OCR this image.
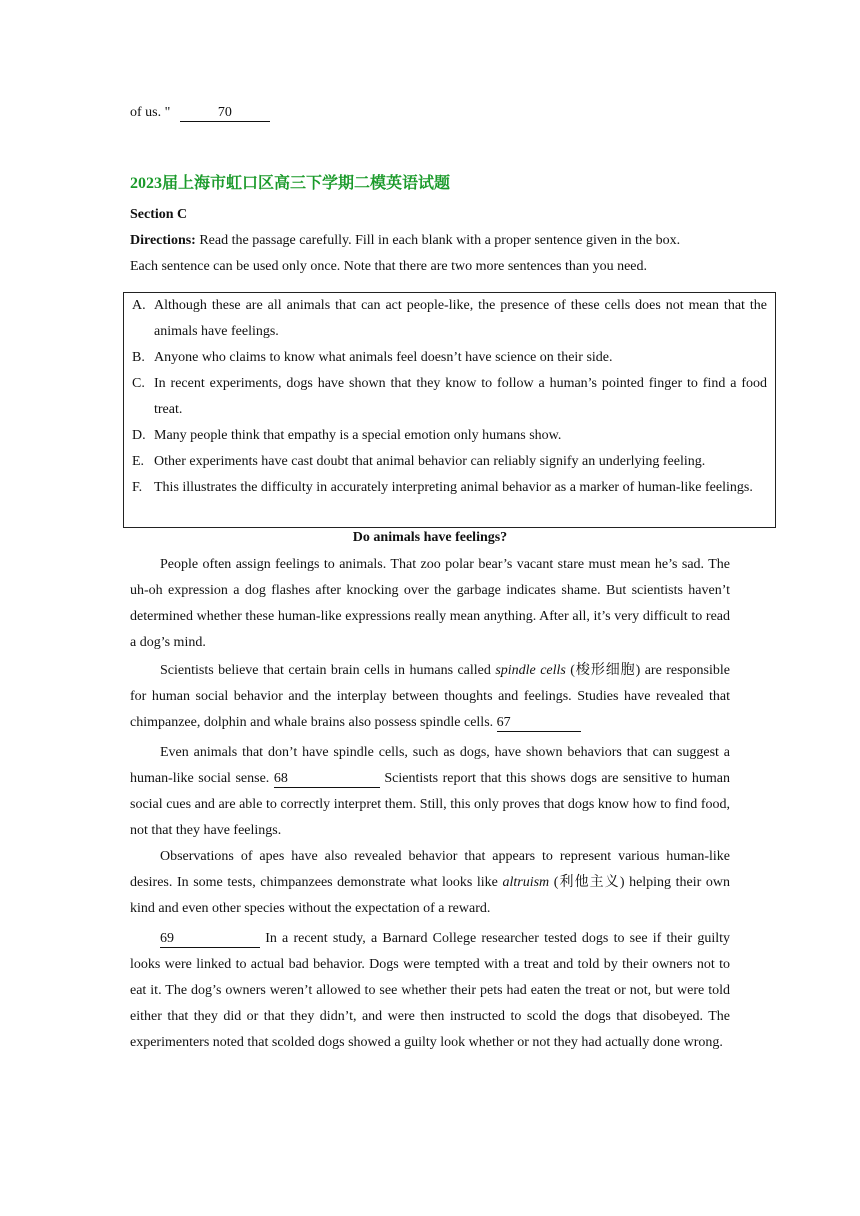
of us. "	70
2023届上海市虹口区高三下学期二模英语试题
Section C
Directions: Read the passage carefully. Fill in each blank with a proper sentence given in the box.
Each sentence can be used only once. Note that there are two more sentences than you need.
A. Although these are all animals that can act people-like, the presence of these cells does not mean that the animals have feelings.
B. Anyone who claims to know what animals feel doesn’t have science on their side.
C. In recent experiments, dogs have shown that they know to follow a human’s pointed finger to find a food treat.
D. Many people think that empathy is a special emotion only humans show.
E. Other experiments have cast doubt that animal behavior can reliably signify an underlying feeling.
F. This illustrates the difficulty in accurately interpreting animal behavior as a marker of human-like feelings.
Do animals have feelings?
People often assign feelings to animals. That zoo polar bear’s vacant stare must mean he’s sad. The uh-oh expression a dog flashes after knocking over the garbage indicates shame. But scientists haven’t determined whether these human-like expressions really mean anything. After all, it’s very difficult to read a dog’s mind.
Scientists believe that certain brain cells in humans called spindle cells (梭形细胞) are responsible for human social behavior and the interplay between thoughts and feelings. Studies have revealed that chimpanzee, dolphin and whale brains also possess spindle cells. 67
Even animals that don’t have spindle cells, such as dogs, have shown behaviors that can suggest a human-like social sense. 68	Scientists report that this shows dogs are sensitive to human social cues and are able to correctly interpret them. Still, this only proves that dogs know how to find food, not that they have feelings.
Observations of apes have also revealed behavior that appears to represent various human-like desires. In some tests, chimpanzees demonstrate what looks like altruism (利他主义) helping their own kind and even other species without the expectation of a reward.
69	In a recent study, a Barnard College researcher tested dogs to see if their guilty looks were linked to actual bad behavior. Dogs were tempted with a treat and told by their owners not to eat it. The dog’s owners weren’t allowed to see whether their pets had eaten the treat or not, but were told either that they did or that they didn’t, and were then instructed to scold the dogs that disobeyed. The experimenters noted that scolded dogs showed a guilty look whether or not they had actually done wrong.
